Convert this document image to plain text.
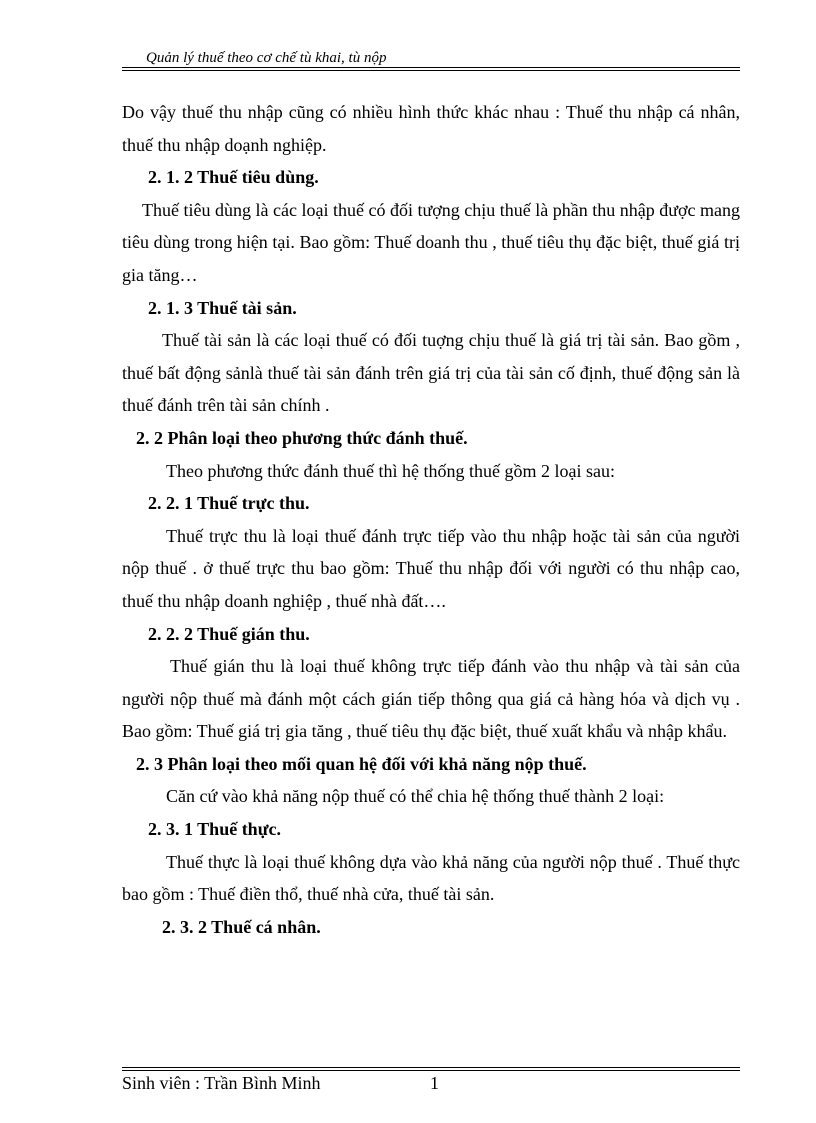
Quản lý thuế theo cơ chế tù khai, tù nộp

Do vậy thuế thu nhập cũng có nhiều hình thức khác nhau : Thuế thu nhập cá nhân, thuế thu nhập doạnh nghiệp.

2. 1. 2 Thuế tiêu dùng.

Thuế tiêu dùng là các loại thuế có đối tượng chịu thuế là phần thu nhập được mang tiêu dùng trong hiện tại. Bao gồm: Thuế doanh thu , thuế tiêu thụ đặc biệt, thuế giá trị gia tăng…

2. 1. 3 Thuế tài sản.

Thuế tài sản là các loại thuế có đối tuợng chịu thuế là giá trị tài sản. Bao gồm , thuế bất động sảnlà thuế tài sản đánh trên giá trị của tài sản cố định, thuế động sản là thuế đánh trên tài sản chính .

2. 2 Phân loại theo phương thức đánh thuế.

Theo phương thức đánh thuế thì hệ thống thuế gồm 2 loại sau:

2. 2. 1 Thuế trực thu.

Thuế trực thu là loại thuế đánh trực tiếp vào thu nhập hoặc tài sản của người nộp thuế . ở thuế trực thu bao gồm: Thuế thu nhập đối với người có thu nhập cao, thuế thu nhập doanh nghiệp , thuế nhà đất….

2. 2. 2 Thuế gián thu.

Thuế gián thu là loại thuế không trực tiếp đánh vào thu nhập và tài sản của người nộp thuế mà đánh một cách gián tiếp thông qua giá cả hàng hóa và dịch vụ . Bao gồm: Thuế giá trị gia tăng , thuế tiêu thụ đặc biệt, thuế xuất khẩu và nhập khẩu.

2. 3 Phân loại theo mối quan hệ đối với khả năng nộp thuế.

Căn cứ vào khả năng nộp thuế có thể chia hệ thống thuế thành 2 loại:

2. 3. 1 Thuế thực.

Thuế thực là loại thuế không dựa vào khả năng của người nộp thuế . Thuế thực bao gồm : Thuế điền thổ, thuế nhà cửa, thuế tài sản.

2. 3. 2 Thuế cá nhân.

Sinh viên : Trần Bình Minh	1
